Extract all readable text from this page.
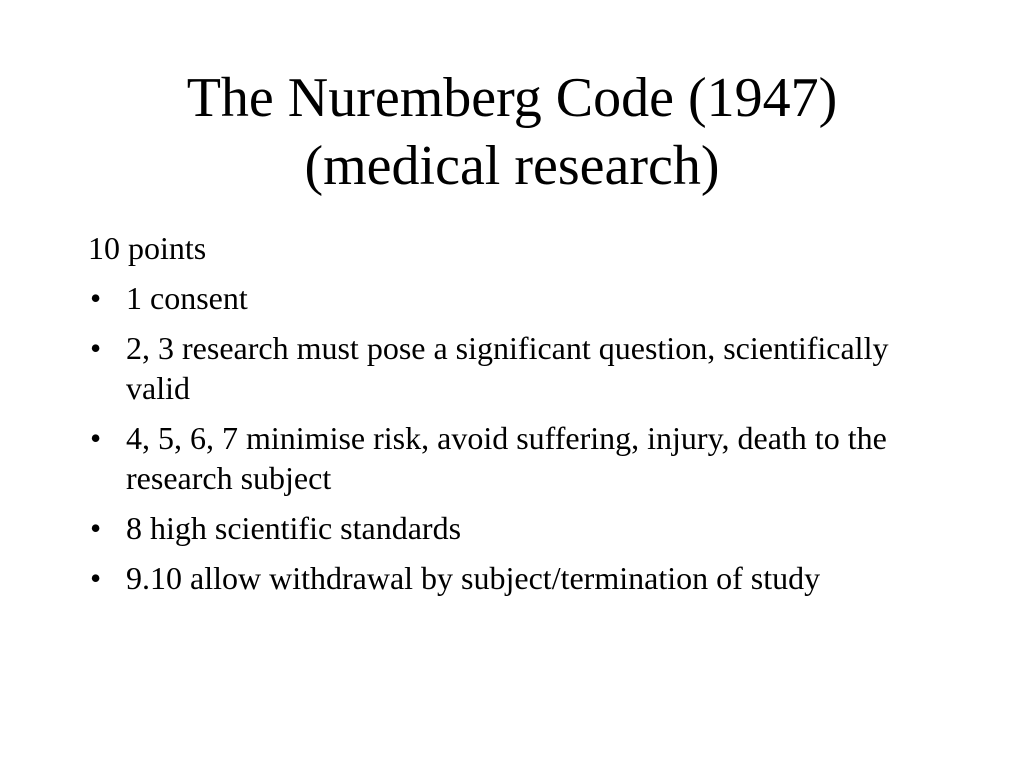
The Nuremberg Code (1947)
(medical research)

10 points

• 1 consent
• 2, 3 research must pose a significant question, scientifically valid
• 4, 5, 6, 7 minimise risk, avoid suffering, injury, death to the research subject
• 8 high scientific standards
• 9.10 allow withdrawal by subject/termination of study
